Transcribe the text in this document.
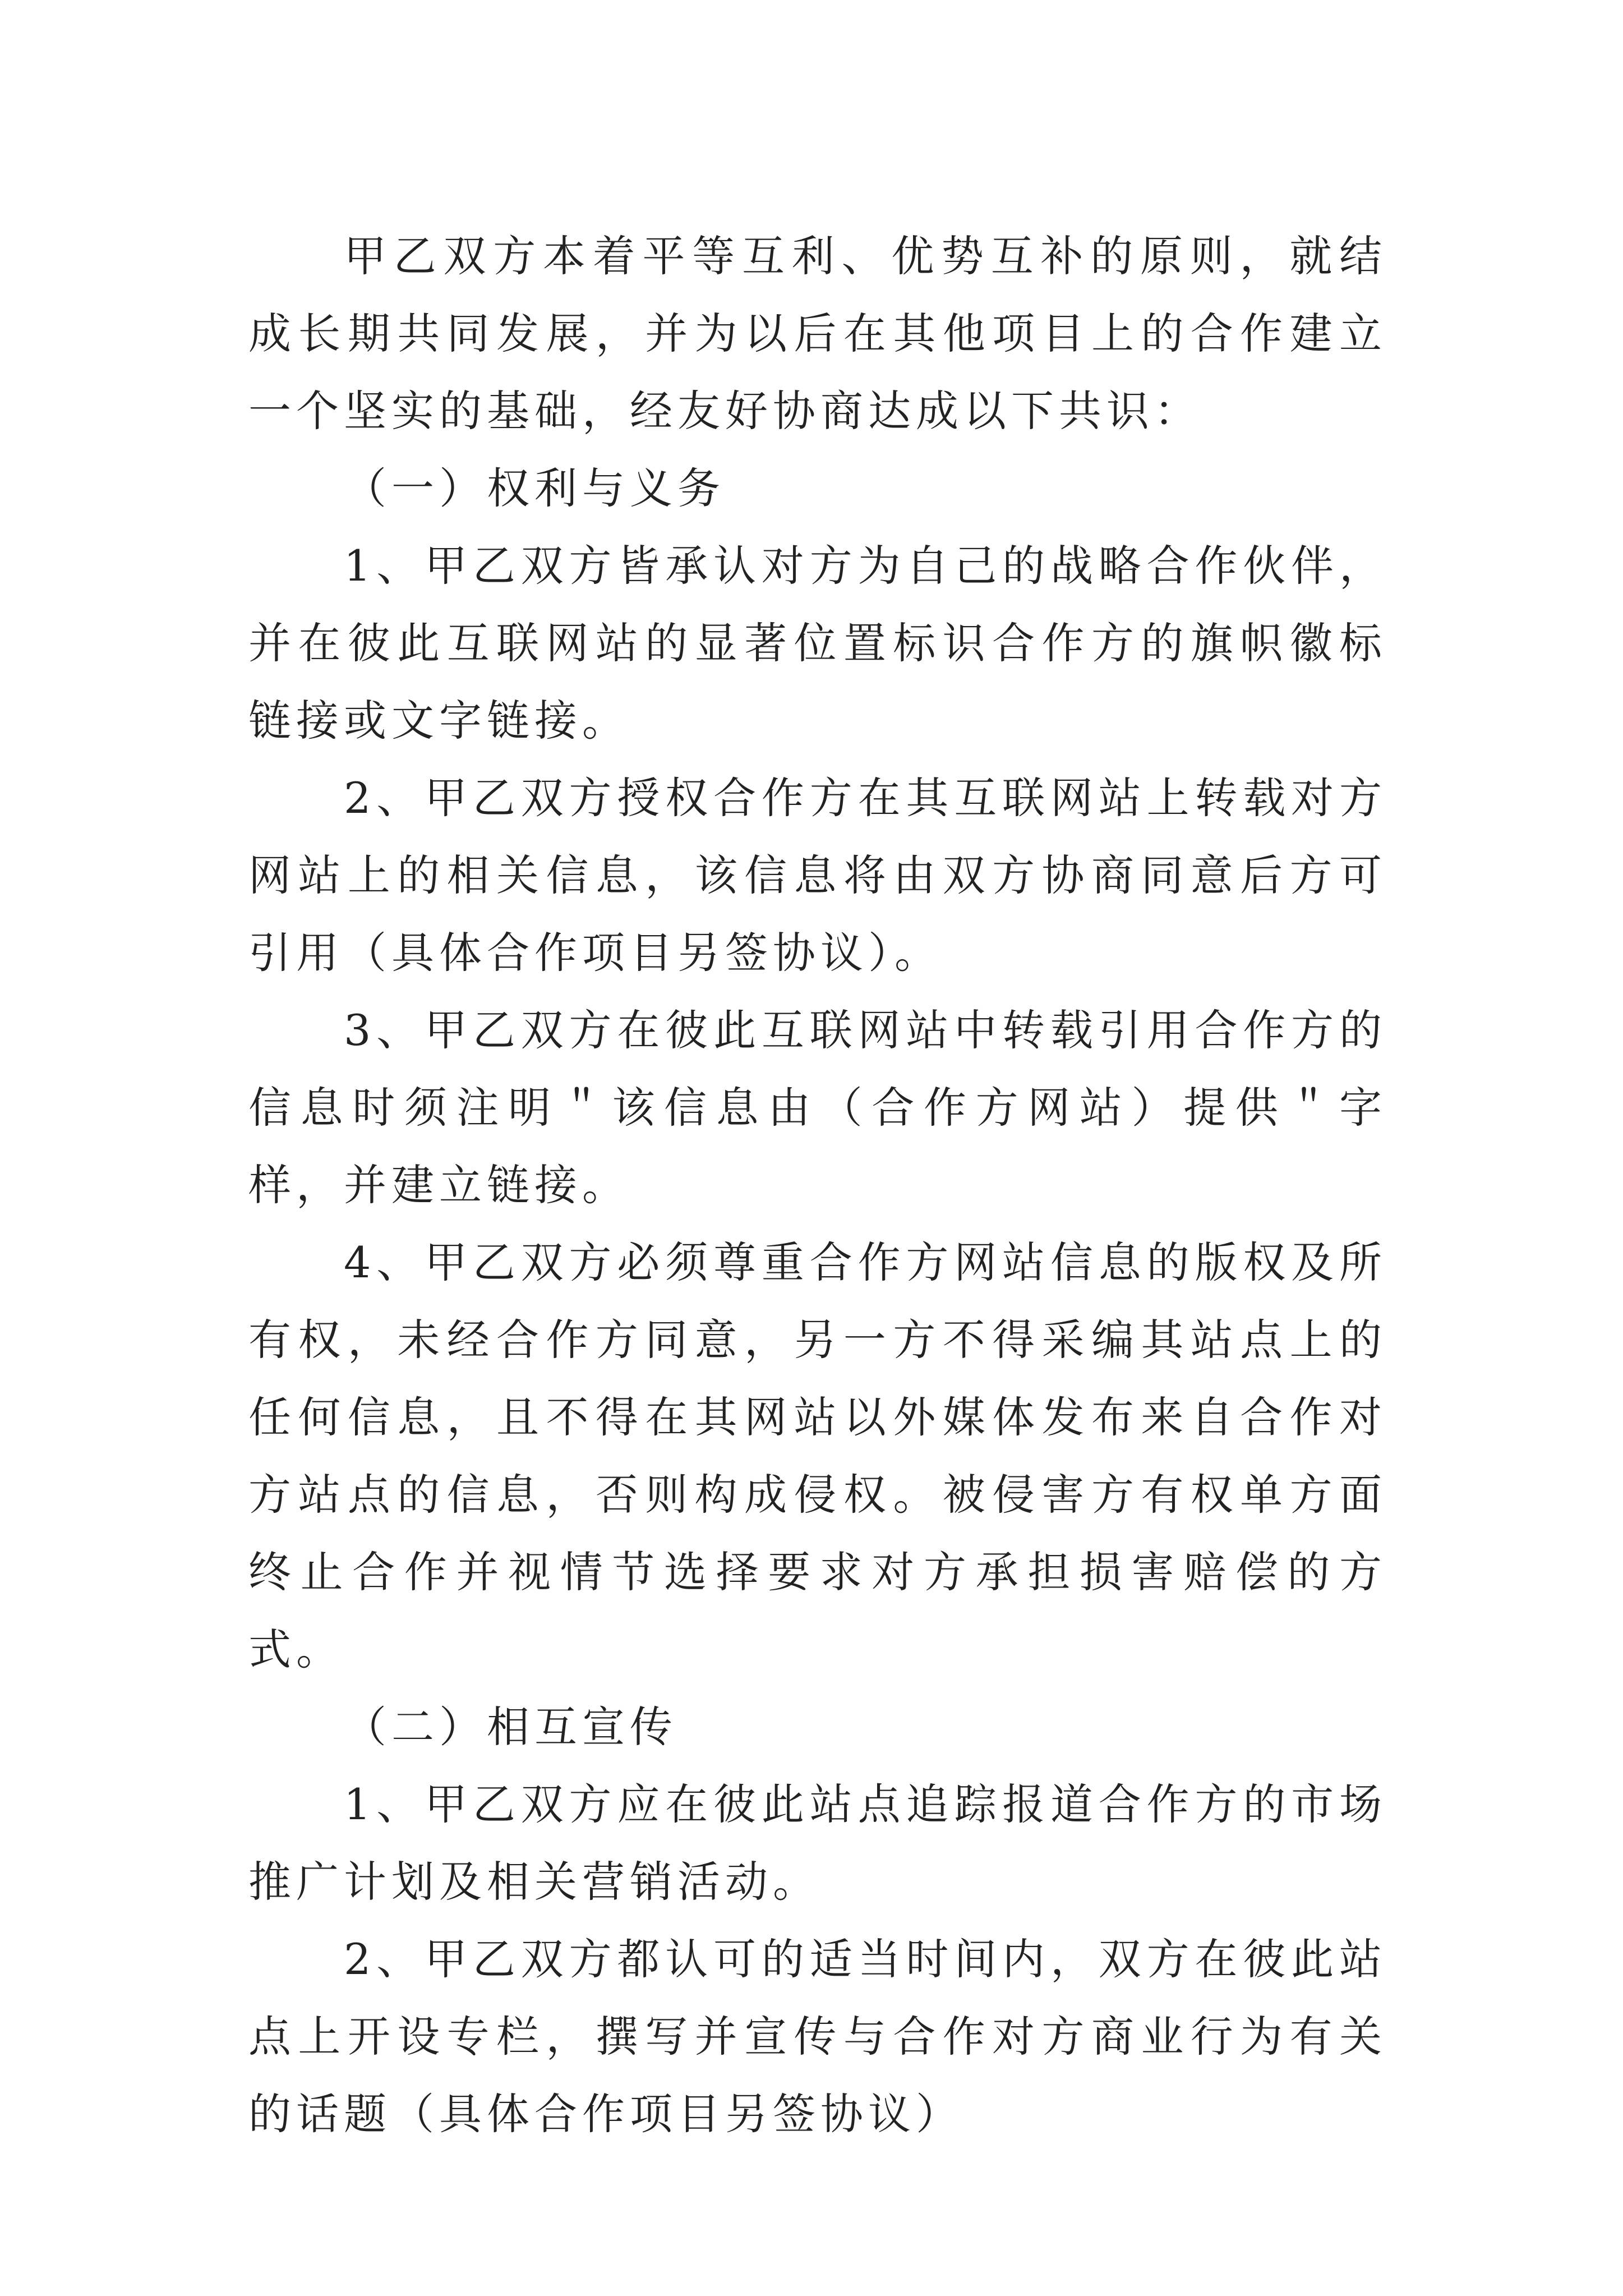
甲乙双方本着平等互利、优势互补的原则，就结成长期共同发展，并为以后在其他项目上的合作建立一个坚实的基础，经友好协商达成以下共识：

（一）权利与义务

1、甲乙双方皆承认对方为自己的战略合作伙伴，并在彼此互联网站的显著位置标识合作方的旗帜徽标链接或文字链接。

2、甲乙双方授权合作方在其互联网站上转载对方网站上的相关信息，该信息将由双方协商同意后方可引用（具体合作项目另签协议）。

3、甲乙双方在彼此互联网站中转载引用合作方的信息时须注明＂该信息由（合作方网站）提供＂字样，并建立链接。

4、甲乙双方必须尊重合作方网站信息的版权及所有权，未经合作方同意，另一方不得采编其站点上的任何信息，且不得在其网站以外媒体发布来自合作对方站点的信息，否则构成侵权。被侵害方有权单方面终止合作并视情节选择要求对方承担损害赔偿的方式。

（二）相互宣传

1、甲乙双方应在彼此站点追踪报道合作方的市场推广计划及相关营销活动。

2、甲乙双方都认可的适当时间内，双方在彼此站点上开设专栏，撰写并宣传与合作对方商业行为有关的话题（具体合作项目另签协议）
